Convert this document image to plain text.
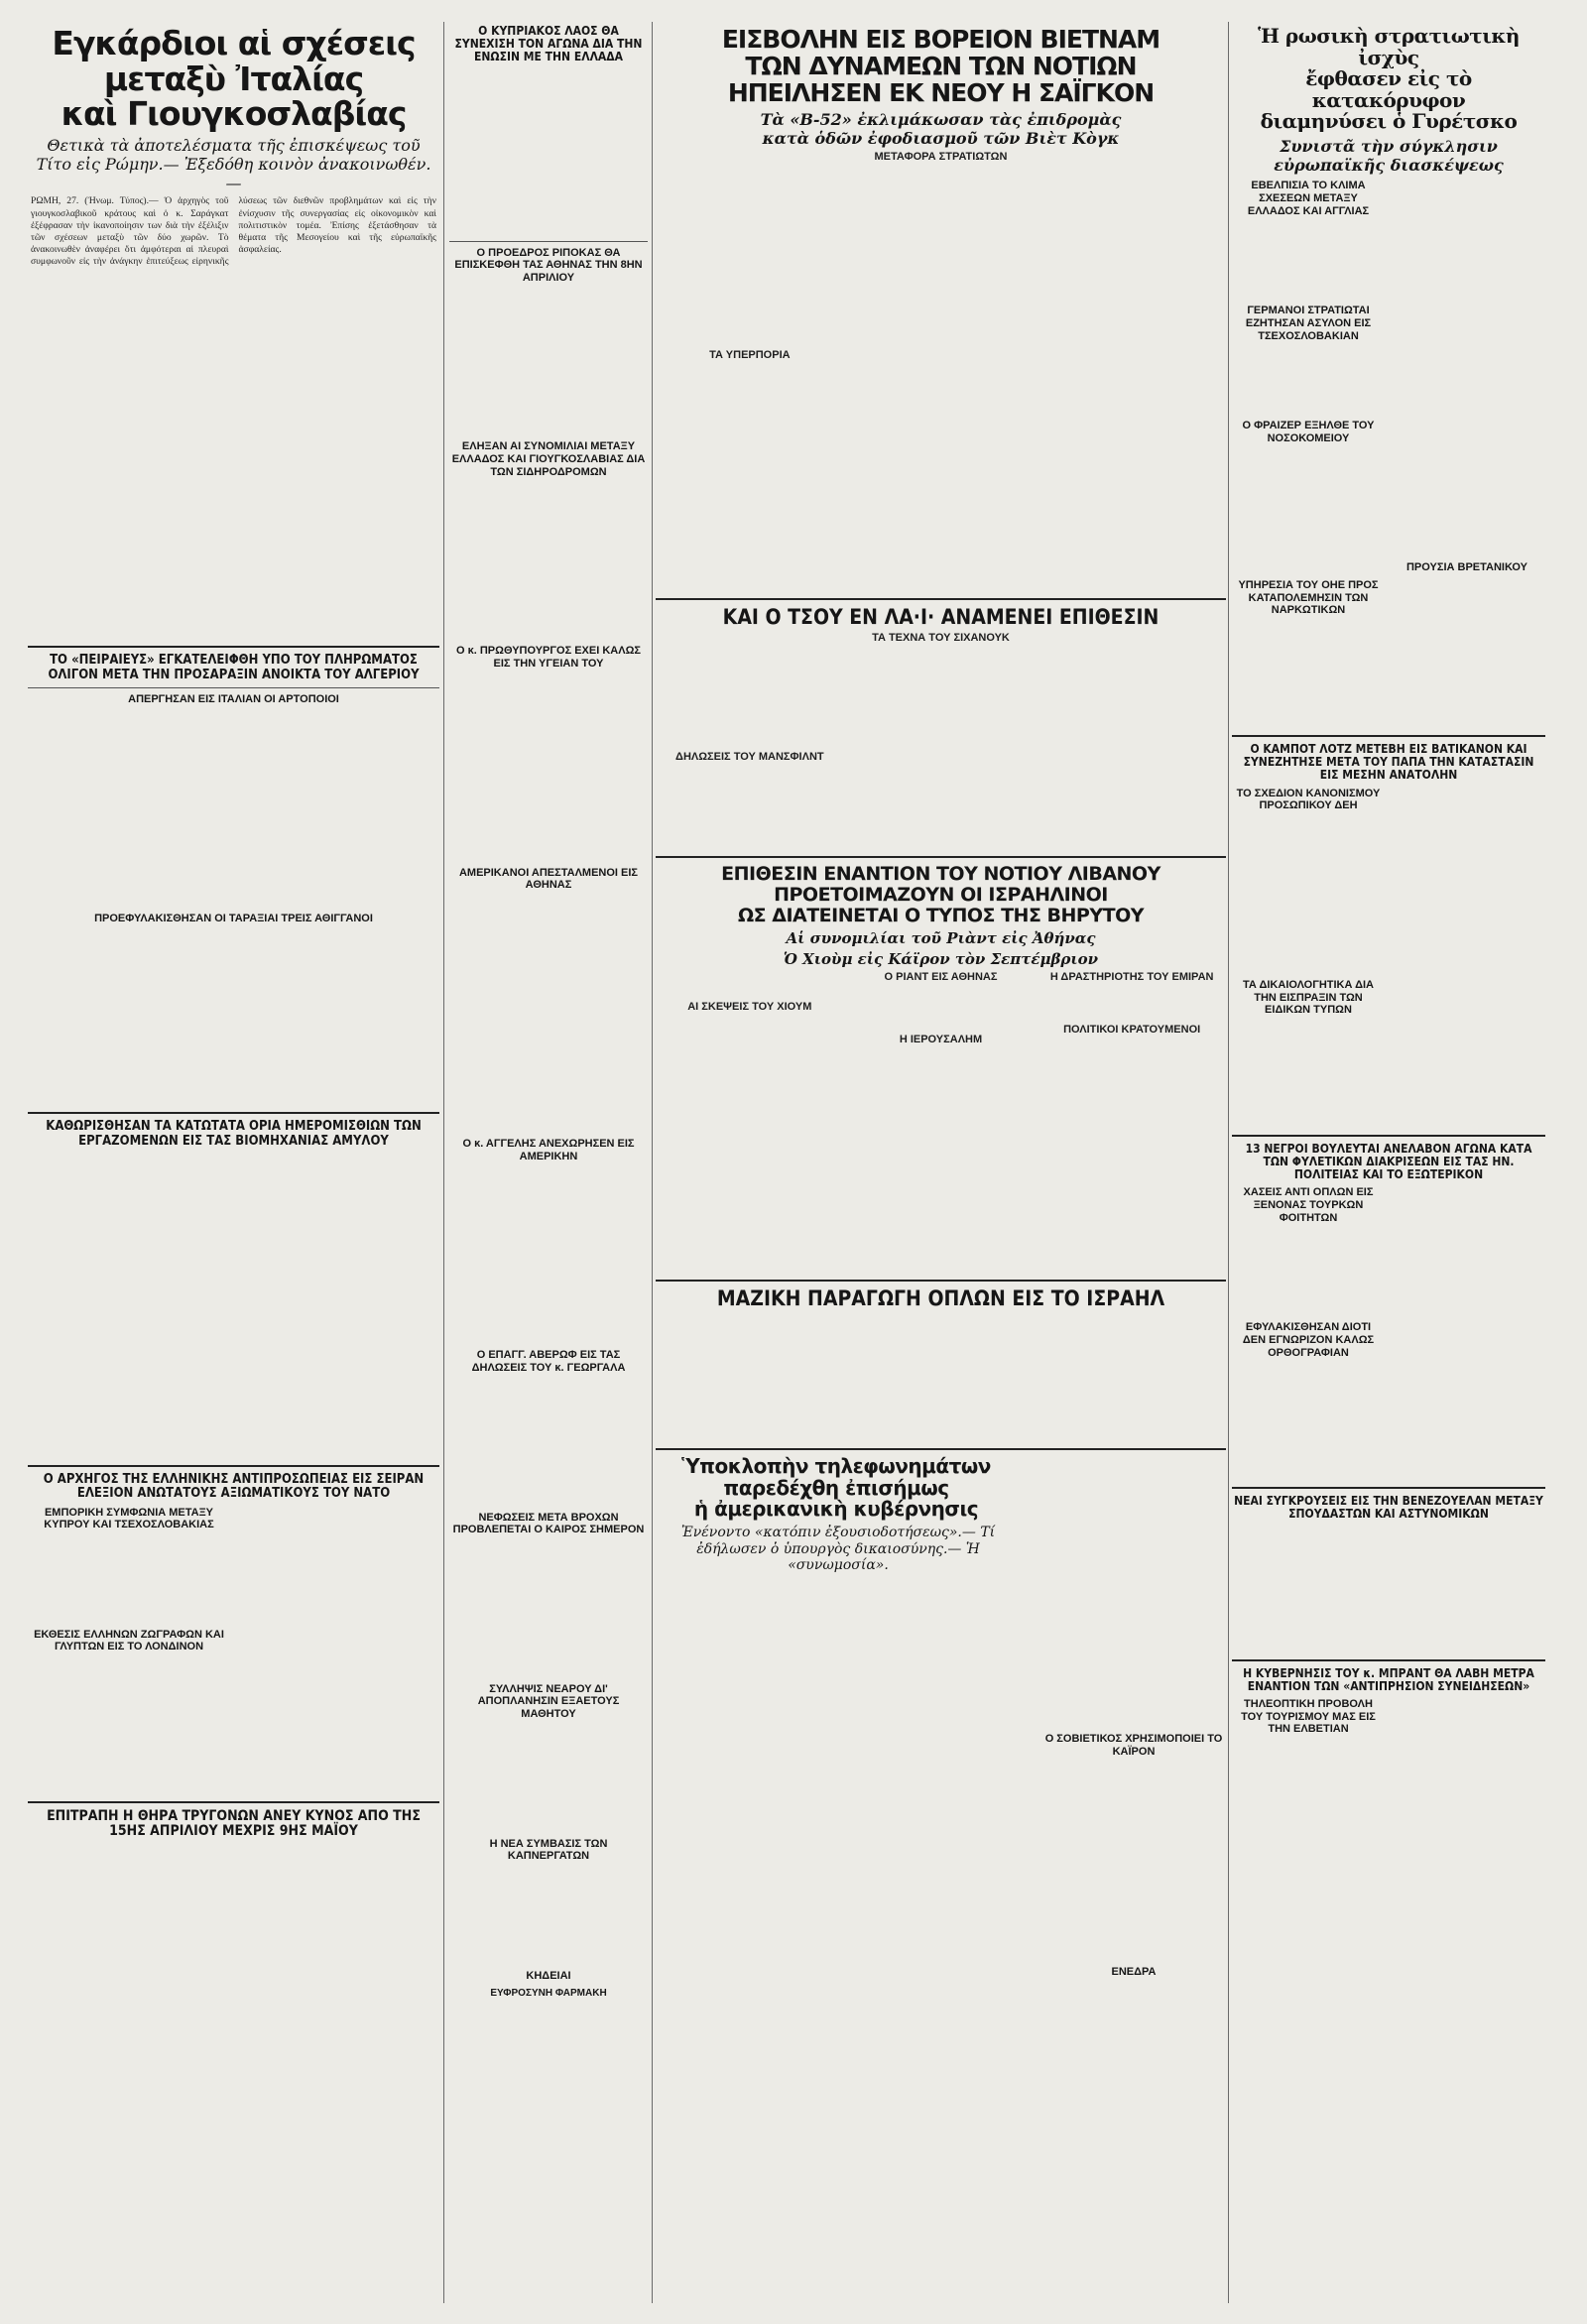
Εγκάρδιοι αἱ σχέσεις
μεταξὺ Ἰταλίας
καὶ Γιουγκοσλαβίας
Θετικὰ τὰ ἀποτελέσματα τῆς ἐπισκέψεως τοῦ Τίτο εἰς Ρώμην.— Ἐξεδόθη κοινὸν ἀνακοινωθέν.—
ΡΩΜΗ, 27. (Ἠνωμ. Τύπος).— Ὁ ἀρχηγὸς τοῦ γιουγκοσλαβικοῦ κράτους καὶ ὁ κ. Σαράγκατ ἐξέφρασαν τὴν ἱκανοποίησιν των διὰ τὴν ἐξέλιξιν τῶν σχέσεων μεταξὺ τῶν δύο χωρῶν. Τὸ ἀνακοινωθὲν ἀναφέρει ὅτι ἀμφότεραι αἱ πλευραὶ συμφωνοῦν εἰς τὴν ἀνάγκην ἐπιτεύξεως εἰρηνικῆς λύσεως τῶν διεθνῶν προβλημάτων καὶ εἰς τὴν ἐνίσχυσιν τῆς συνεργασίας εἰς οἰκονομικὸν καὶ πολιτιστικὸν τομέα. Ἐπίσης ἐξετάσθησαν τὰ θέματα τῆς Μεσογείου καὶ τῆς εὐρωπαϊκῆς ἀσφαλείας.
ΤΟ «ΠΕΙΡΑΙΕΥΣ» ΕΓΚΑΤΕΛΕΙΦΘΗ ΥΠΟ ΤΟΥ ΠΛΗΡΩΜΑΤΟΣ ΟΛΙΓΟΝ ΜΕΤΑ ΤΗΝ ΠΡΟΣΑΡΑΞΙΝ ΑΝΟΙΚΤΑ ΤΟΥ ΑΛΓΕΡΙΟΥ
ΑΠΕΡΓΗΣΑΝ ΕΙΣ ΙΤΑΛΙΑΝ ΟΙ ΑΡΤΟΠΟΙΟΙ
ΠΡΟΕΦΥΛΑΚΙΣΘΗΣΑΝ ΟΙ ΤΑΡΑΞΙΑΙ ΤΡΕΙΣ ΑΘΙΓΓΑΝΟΙ
ΚΑΘΩΡΙΣΘΗΣΑΝ ΤΑ ΚΑΤΩΤΑΤΑ ΟΡΙΑ ΗΜΕΡΟΜΙΣΘΙΩΝ ΤΩΝ ΕΡΓΑΖΟΜΕΝΩΝ ΕΙΣ ΤΑΣ ΒΙΟΜΗΧΑΝΙΑΣ ΑΜΥΛΟΥ
Ο ΑΡΧΗΓΟΣ ΤΗΣ ΕΛΛΗΝΙΚΗΣ ΑΝΤΙΠΡΟΣΩΠΕΙΑΣ ΕΙΣ ΣΕΙΡΑΝ ΕΛΕΞΙΟΝ ΑΝΩΤΑΤΟΥΣ ΑΞΙΩΜΑΤΙΚΟΥΣ ΤΟΥ ΝΑΤΟ
ΕΜΠΟΡΙΚΗ ΣΥΜΦΩΝΙΑ ΜΕΤΑΞΥ ΚΥΠΡΟΥ ΚΑΙ ΤΣΕΧΟΣΛΟΒΑΚΙΑΣ
ΕΚΘΕΣΙΣ ΕΛΛΗΝΩΝ ΖΩΓΡΑΦΩΝ ΚΑΙ ΓΛΥΠΤΩΝ ΕΙΣ ΤΟ ΛΟΝΔΙΝΟΝ
ΕΠΙΤΡΑΠΗ Η ΘΗΡΑ ΤΡΥΓΟΝΩΝ ΑΝΕΥ ΚΥΝΟΣ ΑΠΟ ΤΗΣ 15ΗΣ ΑΠΡΙΛΙΟΥ ΜΕΧΡΙΣ 9ΗΣ ΜΑΪΟΥ
Ο ΚΥΠΡΙΑΚΟΣ ΛΑΟΣ ΘΑ ΣΥΝΕΧΙΣΗ ΤΟΝ ΑΓΩΝΑ ΔΙΑ ΤΗΝ ΕΝΩΣΙΝ ΜΕ ΤΗΝ ΕΛΛΑΔΑ
Ο ΠΡΟΕΔΡΟΣ ΡΙΠΟΚΑΣ ΘΑ ΕΠΙΣΚΕΦΘΗ ΤΑΣ ΑΘΗΝΑΣ ΤΗΝ 8ΗΝ ΑΠΡΙΛΙΟΥ
ΕΛΗΞΑΝ ΑΙ ΣΥΝΟΜΙΛΙΑΙ ΜΕΤΑΞΥ ΕΛΛΑΔΟΣ ΚΑΙ ΓΙΟΥΓΚΟΣΛΑΒΙΑΣ ΔΙΑ ΤΩΝ ΣΙΔΗΡΟΔΡΟΜΩΝ
Ο κ. ΠΡΩΘΥΠΟΥΡΓΟΣ ΕΧΕΙ ΚΑΛΩΣ ΕΙΣ ΤΗΝ ΥΓΕΙΑΝ ΤΟΥ
ΑΜΕΡΙΚΑΝΟΙ ΑΠΕΣΤΑΛΜΕΝΟΙ ΕΙΣ ΑΘΗΝΑΣ
Ο κ. ΑΓΓΕΛΗΣ ΑΝΕΧΩΡΗΣΕΝ ΕΙΣ ΑΜΕΡΙΚΗΝ
Ο ΕΠΑΓΓ. ΑΒΕΡΩΦ ΕΙΣ ΤΑΣ ΔΗΛΩΣΕΙΣ ΤΟΥ κ. ΓΕΩΡΓΑΛΑ
ΝΕΦΩΣΕΙΣ ΜΕΤΑ ΒΡΟΧΩΝ ΠΡΟΒΛΕΠΕΤΑΙ Ο ΚΑΙΡΟΣ ΣΗΜΕΡΟΝ
ΣΥΛΛΗΨΙΣ ΝΕΑΡΟΥ ΔΙ' ΑΠΟΠΛΑΝΗΣΙΝ ΕΞΑΕΤΟΥΣ ΜΑΘΗΤΟΥ
Η ΝΕΑ ΣΥΜΒΑΣΙΣ ΤΩΝ ΚΑΠΝΕΡΓΑΤΩΝ
ΚΗΔΕΙΑΙ
ΕΥΦΡΟΣΥΝΗ ΦΑΡΜΑΚΗ
ΕΙΣΒΟΛΗΝ ΕΙΣ ΒΟΡΕΙΟΝ ΒΙΕΤΝΑΜ
ΤΩΝ ΔΥΝΑΜΕΩΝ ΤΩΝ ΝΟΤΙΩΝ
ΗΠΕΙΛΗΣΕΝ ΕΚ ΝΕΟΥ Η ΣΑΪΓΚΟΝ
Τὰ «Β-52» ἐκλιμάκωσαν τὰς ἐπιδρομὰς
κατὰ ὁδῶν ἐφοδιασμοῦ τῶν Βιὲτ Κὸγκ
ΤΑ ΥΠΕΡΠΟΡΙΑ
ΜΕΤΑΦΟΡΑ ΣΤΡΑΤΙΩΤΩΝ
ΚΑΙ Ο ΤΣΟΥ ΕΝ ΛΑ·Ι· ΑΝΑΜΕΝΕΙ ΕΠΙΘΕΣΙΝ
ΔΗΛΩΣΕΙΣ ΤΟΥ ΜΑΝΣΦΙΛΝΤ
ΤΑ ΤΕΧΝΑ ΤΟΥ ΣΙΧΑΝΟΥΚ
ΕΠΙΘΕΣΙΝ ΕΝΑΝΤΙΟΝ ΤΟΥ ΝΟΤΙΟΥ ΛΙΒΑΝΟΥ
ΠΡΟΕΤΟΙΜΑΖΟΥΝ ΟΙ ΙΣΡΑΗΛΙΝΟΙ
ΩΣ ΔΙΑΤΕΙΝΕΤΑΙ Ο ΤΥΠΟΣ ΤΗΣ ΒΗΡΥΤΟΥ
Αἱ συνομιλίαι τοῦ Ριὰντ εἰς Ἀθήνας
Ὁ Χιοὺμ εἰς Κάϊρον τὸν Σεπτέμβριον
ΑΙ ΣΚΕΨΕΙΣ ΤΟΥ ΧΙΟΥΜ
Ο ΡΙΑΝΤ ΕΙΣ ΑΘΗΝΑΣ
Η ΙΕΡΟΥΣΑΛΗΜ
Η ΔΡΑΣΤΗΡΙΟΤΗΣ ΤΟΥ ΕΜΙΡΑΝ
ΠΟΛΙΤΙΚΟΙ ΚΡΑΤΟΥΜΕΝΟΙ
ΜΑΖΙΚΗ ΠΑΡΑΓΩΓΗ ΟΠΛΩΝ ΕΙΣ ΤΟ ΙΣΡΑΗΛ
Ὑποκλοπὴν τηλεφωνημάτων
παρεδέχθη ἐπισήμως
ἡ ἀμερικανικὴ κυβέρνησις
Ἐνένοντο «κατόπιν ἐξουσιοδοτήσεως».— Τί ἐδήλωσεν ὁ ὑπουργὸς δικαιοσύνης.— Ἡ «συνωμοσία».
ΕΝΕΔΡΑ
Ο ΣΟΒΙΕΤΙΚΟΣ ΧΡΗΣΙΜΟΠΟΙΕΙ ΤΟ ΚΑΪΡΟΝ
Ἡ ρωσικὴ στρατιωτικὴ ἰσχὺς
ἔφθασεν εἰς τὸ κατακόρυφον
διαμηνύσει ὁ Γυρέτσκο
Συνιστᾶ τὴν σύγκλησιν εὐρωπαϊκῆς διασκέψεως
ΕΒΕΛΠΙΣΙΑ ΤΟ ΚΛΙΜΑ ΣΧΕΣΕΩΝ ΜΕΤΑΞΥ ΕΛΛΑΔΟΣ ΚΑΙ ΑΓΓΛΙΑΣ
ΓΕΡΜΑΝΟΙ ΣΤΡΑΤΙΩΤΑΙ ΕΖΗΤΗΣΑΝ ΑΣΥΛΟΝ ΕΙΣ ΤΣΕΧΟΣΛΟΒΑΚΙΑΝ
Ο ΦΡΑΙΖΕΡ ΕΞΗΛΘΕ ΤΟΥ ΝΟΣΟΚΟΜΕΙΟΥ
ΠΡΟΥΣΙΑ ΒΡΕΤΑΝΙΚΟΥ
ΥΠΗΡΕΣΙΑ ΤΟΥ ΟΗΕ ΠΡΟΣ ΚΑΤΑΠΟΛΕΜΗΣΙΝ ΤΩΝ ΝΑΡΚΩΤΙΚΩΝ
Ο ΚΑΜΠΟΤ ΛΟΤΖ ΜΕΤΕΒΗ ΕΙΣ ΒΑΤΙΚΑΝΟΝ ΚΑΙ ΣΥΝΕΖΗΤΗΣΕ ΜΕΤΑ ΤΟΥ ΠΑΠΑ ΤΗΝ ΚΑΤΑΣΤΑΣΙΝ ΕΙΣ ΜΕΣΗΝ ΑΝΑΤΟΛΗΝ
ΤΟ ΣΧΕΔΙΟΝ ΚΑΝΟΝΙΣΜΟΥ ΠΡΟΣΩΠΙΚΟΥ ΔΕΗ
ΤΑ ΔΙΚΑΙΟΛΟΓΗΤΙΚΑ ΔΙΑ ΤΗΝ ΕΙΣΠΡΑΞΙΝ ΤΩΝ ΕΙΔΙΚΩΝ ΤΥΠΩΝ
13 ΝΕΓΡΟΙ ΒΟΥΛΕΥΤΑΙ ΑΝΕΛΑΒΟΝ ΑΓΩΝΑ ΚΑΤΑ ΤΩΝ ΦΥΛΕΤΙΚΩΝ ΔΙΑΚΡΙΣΕΩΝ ΕΙΣ ΤΑΣ ΗΝ. ΠΟΛΙΤΕΙΑΣ ΚΑΙ ΤΟ ΕΞΩΤΕΡΙΚΟΝ
ΧΑΣΕΙΣ ΑΝΤΙ ΟΠΛΩΝ ΕΙΣ ΞΕΝΟΝΑΣ ΤΟΥΡΚΩΝ ΦΟΙΤΗΤΩΝ
ΕΦΥΛΑΚΙΣΘΗΣΑΝ ΔΙΟΤΙ ΔΕΝ ΕΓΝΩΡΙΖΟΝ ΚΑΛΩΣ ΟΡΘΟΓΡΑΦΙΑΝ
ΝΕΑΙ ΣΥΓΚΡΟΥΣΕΙΣ ΕΙΣ ΤΗΝ ΒΕΝΕΖΟΥΕΛΑΝ ΜΕΤΑΞΥ ΣΠΟΥΔΑΣΤΩΝ ΚΑΙ ΑΣΤΥΝΟΜΙΚΩΝ
Η ΚΥΒΕΡΝΗΣΙΣ ΤΟΥ κ. ΜΠΡΑΝΤ ΘΑ ΛΑΒΗ ΜΕΤΡΑ ΕΝΑΝΤΙΟΝ ΤΩΝ «ΑΝΤΙΠΡΗΣΙΟΝ ΣΥΝΕΙΔΗΣΕΩΝ»
ΤΗΛΕΟΠΤΙΚΗ ΠΡΟΒΟΛΗ ΤΟΥ ΤΟΥΡΙΣΜΟΥ ΜΑΣ ΕΙΣ ΤΗΝ ΕΛΒΕΤΙΑΝ
